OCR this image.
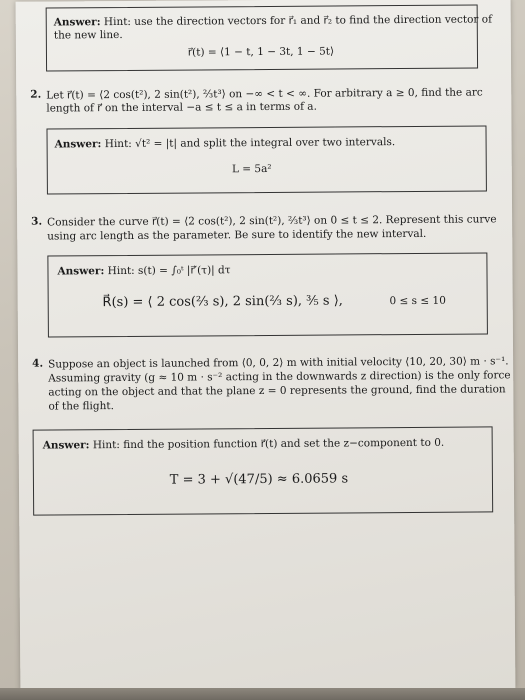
Answer: Hint: use the direction vectors for r⃗₁ and r⃗₂ to find the direction vector of
the new line.
r⃗(t) = ⟨1 − t, 1 − 3t, 1 − 5t⟩
2. Let r⃗(t) = ⟨2 cos(t²), 2 sin(t²), ⅔t³⟩ on −∞ < t < ∞. For arbitrary a ≥ 0, find the arc
length of r⃗ on the interval −a ≤ t ≤ a in terms of a.
Answer: Hint: √t² = |t| and split the integral over two intervals.
L = 5a²
3. Consider the curve r⃗(t) = ⟨2 cos(t²), 2 sin(t²), ⅔t³⟩ on 0 ≤ t ≤ 2. Represent this curve
using arc length as the parameter. Be sure to identify the new interval.
Answer: Hint: s(t) = ∫₀ᵗ |r⃗′(τ)| dτ
R⃗(s) = ⟨ 2 cos(⅔ s), 2 sin(⅔ s), ⅗ s ⟩,	0 ≤ s ≤ 10
4. Suppose an object is launched from ⟨0, 0, 2⟩ m with initial velocity ⟨10, 20, 30⟩ m · s⁻¹.
Assuming gravity (g ≈ 10 m · s⁻² acting in the downwards z direction) is the only force
acting on the object and that the plane z = 0 represents the ground, find the duration
of the flight.
Answer: Hint: find the position function r⃗(t) and set the z−component to 0.
T = 3 + √(47/5) ≈ 6.0659 s
